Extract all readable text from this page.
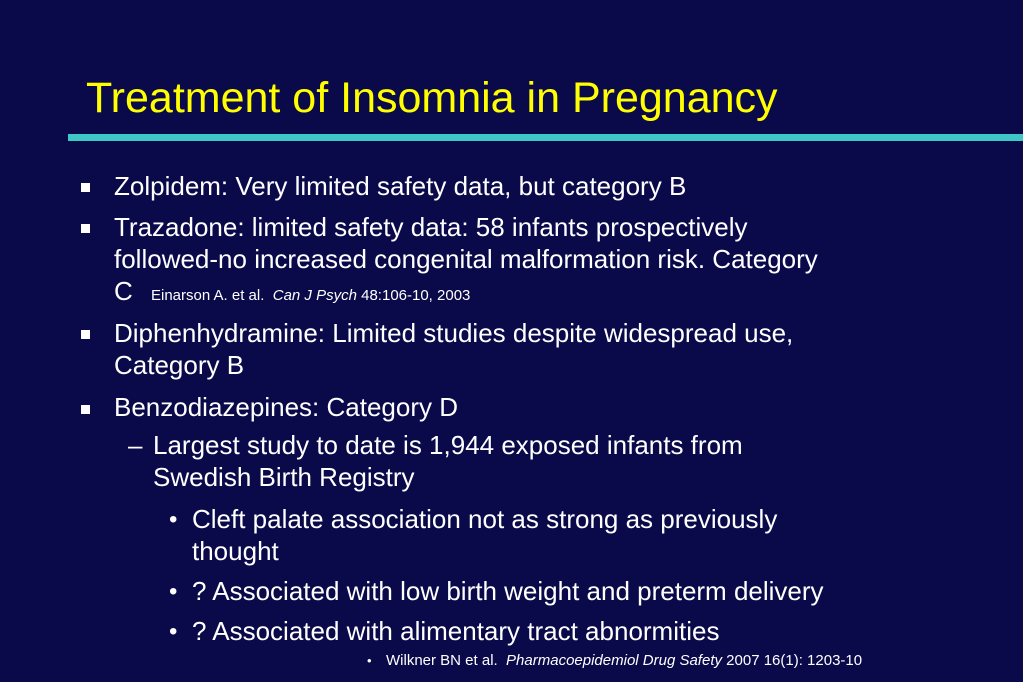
Treatment of Insomnia in Pregnancy
Zolpidem: Very limited safety data, but category B
Trazadone: limited safety data: 58 infants prospectively
followed-no increased congenital malformation risk. Category
C Einarson A. et al. Can J Psych 48:106-10, 2003
Diphenhydramine: Limited studies despite widespread use,
Category B
Benzodiazepines: Category D
– Largest study to date is 1,944 exposed infants from
Swedish Birth Registry
• Cleft palate association not as strong as previously
thought
• ? Associated with low birth weight and preterm delivery
• ? Associated with alimentary tract abnormities
• Wilkner BN et al. Pharmacoepidemiol Drug Safety 2007 16(1): 1203-10
